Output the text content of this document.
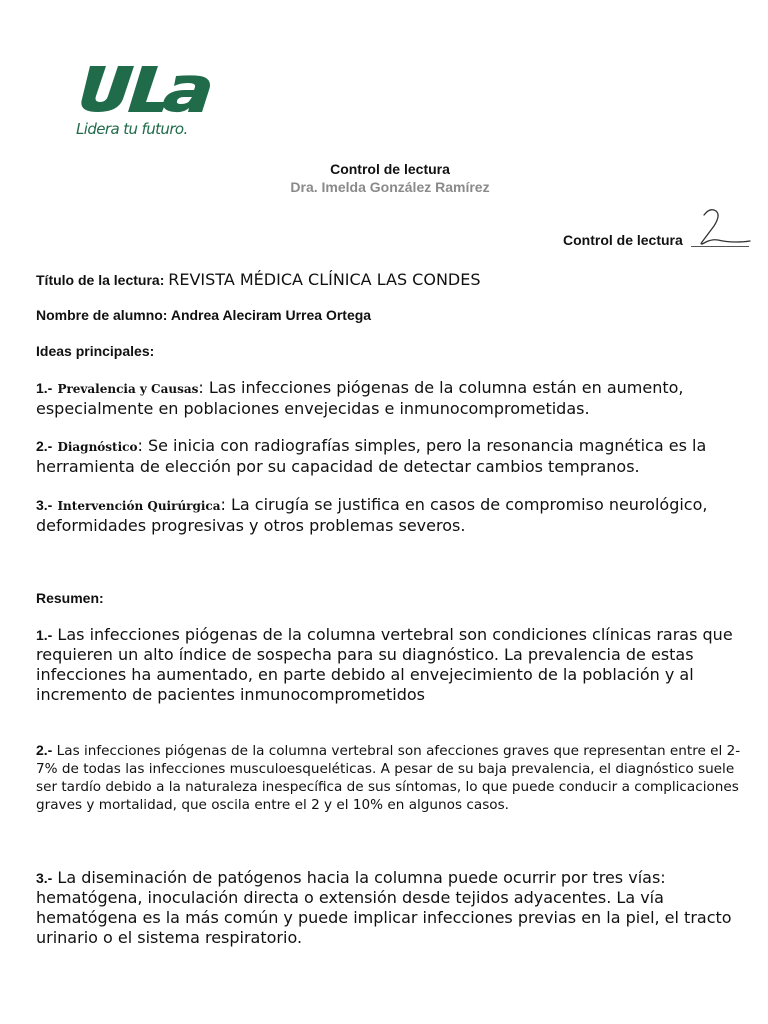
Lidera tu futuro.
Control de lectura
Dra. Imelda González Ramírez
Control de lectura
Título de la lectura: REVISTA MÉDICA CLÍNICA LAS CONDES
Nombre de alumno: Andrea Aleciram Urrea Ortega
Ideas principales:
1.- Prevalencia y Causas: Las infecciones piógenas de la columna están en aumento, especialmente en poblaciones envejecidas e inmunocomprometidas.
2.- Diagnóstico: Se inicia con radiografías simples, pero la resonancia magnética es la herramienta de elección por su capacidad de detectar cambios tempranos.
3.- Intervención Quirúrgica: La cirugía se justifica en casos de compromiso neurológico, deformidades progresivas y otros problemas severos.
Resumen:
1.- Las infecciones piógenas de la columna vertebral son condiciones clínicas raras que requieren un alto índice de sospecha para su diagnóstico. La prevalencia de estas infecciones ha aumentado, en parte debido al envejecimiento de la población y al incremento de pacientes inmunocomprometidos
2.- Las infecciones piógenas de la columna vertebral son afecciones graves que representan entre el 2-7% de todas las infecciones musculoesqueléticas. A pesar de su baja prevalencia, el diagnóstico suele ser tardío debido a la naturaleza inespecífica de sus síntomas, lo que puede conducir a complicaciones graves y mortalidad, que oscila entre el 2 y el 10% en algunos casos.
3.- La diseminación de patógenos hacia la columna puede ocurrir por tres vías: hematógena, inoculación directa o extensión desde tejidos adyacentes. La vía hematógena es la más común y puede implicar infecciones previas en la piel, el tracto urinario o el sistema respiratorio.
